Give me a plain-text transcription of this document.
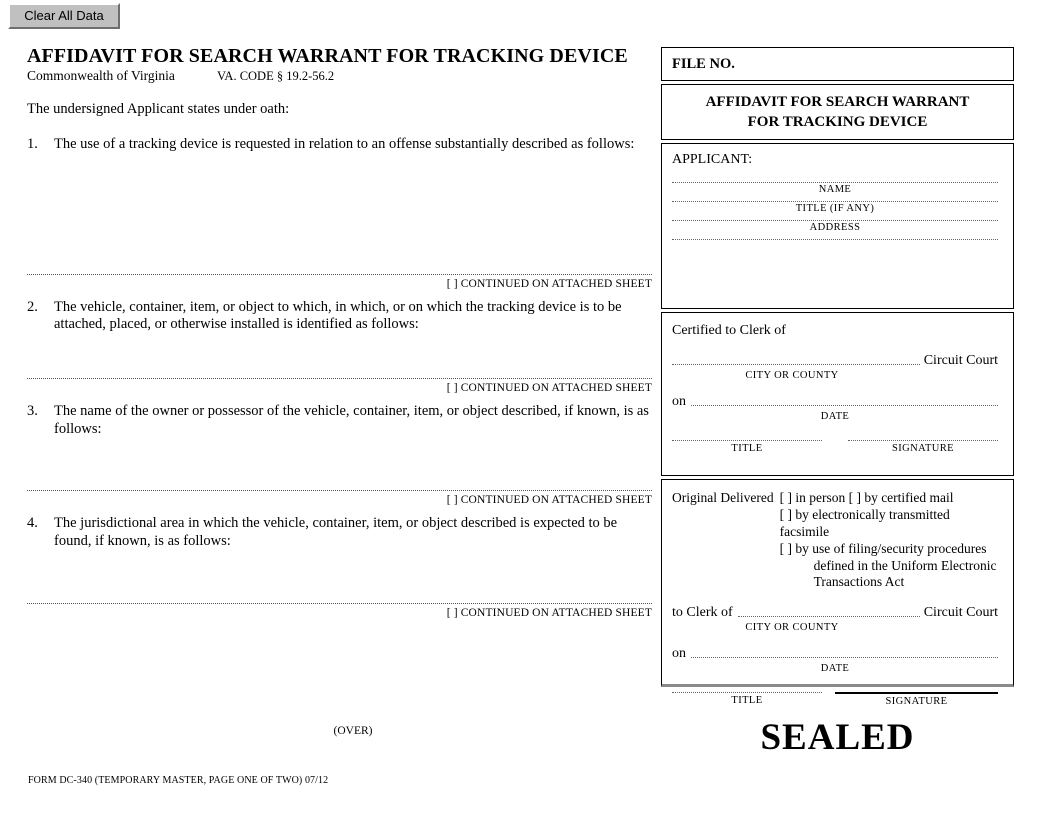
Clear All Data
AFFIDAVIT FOR SEARCH WARRANT FOR TRACKING DEVICE
Commonwealth of Virginia	VA. CODE § 19.2-56.2
The undersigned Applicant states under oath:
1.	The use of a tracking device is requested in relation to an offense substantially described as follows:
[ ] CONTINUED ON ATTACHED SHEET
2.	The vehicle, container, item, or object to which, in which, or on which the tracking device is to be attached, placed, or otherwise installed is identified as follows:
[ ] CONTINUED ON ATTACHED SHEET
3.	The name of the owner or possessor of the vehicle, container, item, or object described, if known, is as follows:
[ ] CONTINUED ON ATTACHED SHEET
4.	The jurisdictional area in which the vehicle, container, item, or object described is expected to be found, if known, is as follows:
[ ] CONTINUED ON ATTACHED SHEET
(OVER)
FORM DC-340 (TEMPORARY MASTER, PAGE ONE OF TWO) 07/12
FILE NO.
AFFIDAVIT FOR SEARCH WARRANT
FOR TRACKING DEVICE
APPLICANT:
NAME
TITLE (IF ANY)
ADDRESS
Certified to Clerk of
Circuit Court
CITY OR COUNTY
on
DATE
TITLE	SIGNATURE
Original Delivered [ ] in person [ ] by certified mail
[ ] by electronically transmitted facsimile
[ ] by use of filing/security procedures
defined in the Uniform Electronic
Transactions Act
to Clerk of	Circuit Court
CITY OR COUNTY
on
DATE
TITLE	SIGNATURE
SEALED
